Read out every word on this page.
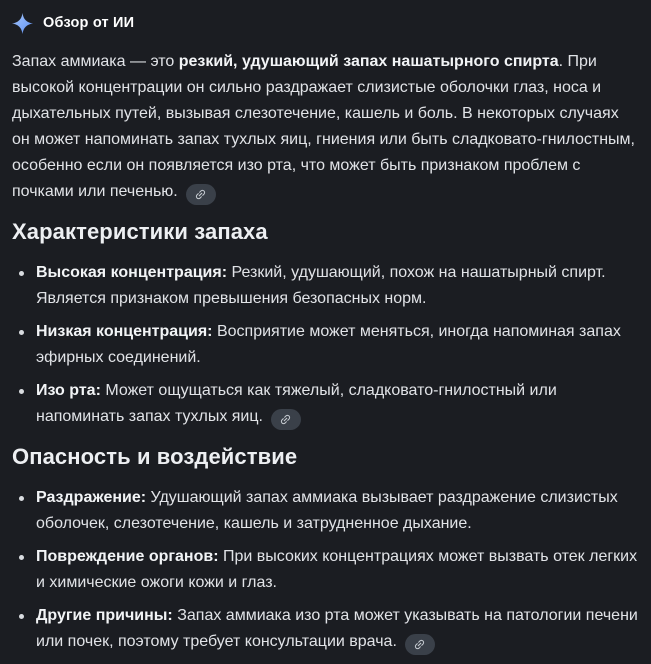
Обзор от ИИ

Запах аммиака — это резкий, удушающий запах нашатырного спирта. При высокой концентрации он сильно раздражает слизистые оболочки глаз, носа и дыхательных путей, вызывая слезотечение, кашель и боль. В некоторых случаях он может напоминать запах тухлых яиц, гниения или быть сладковато-гнилостным, особенно если он появляется изо рта, что может быть признаком проблем с почками или печенью.

Характеристики запаха
Высокая концентрация: Резкий, удушающий, похож на нашатырный спирт. Является признаком превышения безопасных норм.
Низкая концентрация: Восприятие может меняться, иногда напоминая запах эфирных соединений.
Изо рта: Может ощущаться как тяжелый, сладковато-гнилостный или напоминать запах тухлых яиц.
Опасность и воздействие
Раздражение: Удушающий запах аммиака вызывает раздражение слизистых оболочек, слезотечение, кашель и затрудненное дыхание.
Повреждение органов: При высоких концентрациях может вызвать отек легких и химические ожоги кожи и глаз.
Другие причины: Запах аммиака изо рта может указывать на патологии печени или почек, поэтому требует консультации врача.
